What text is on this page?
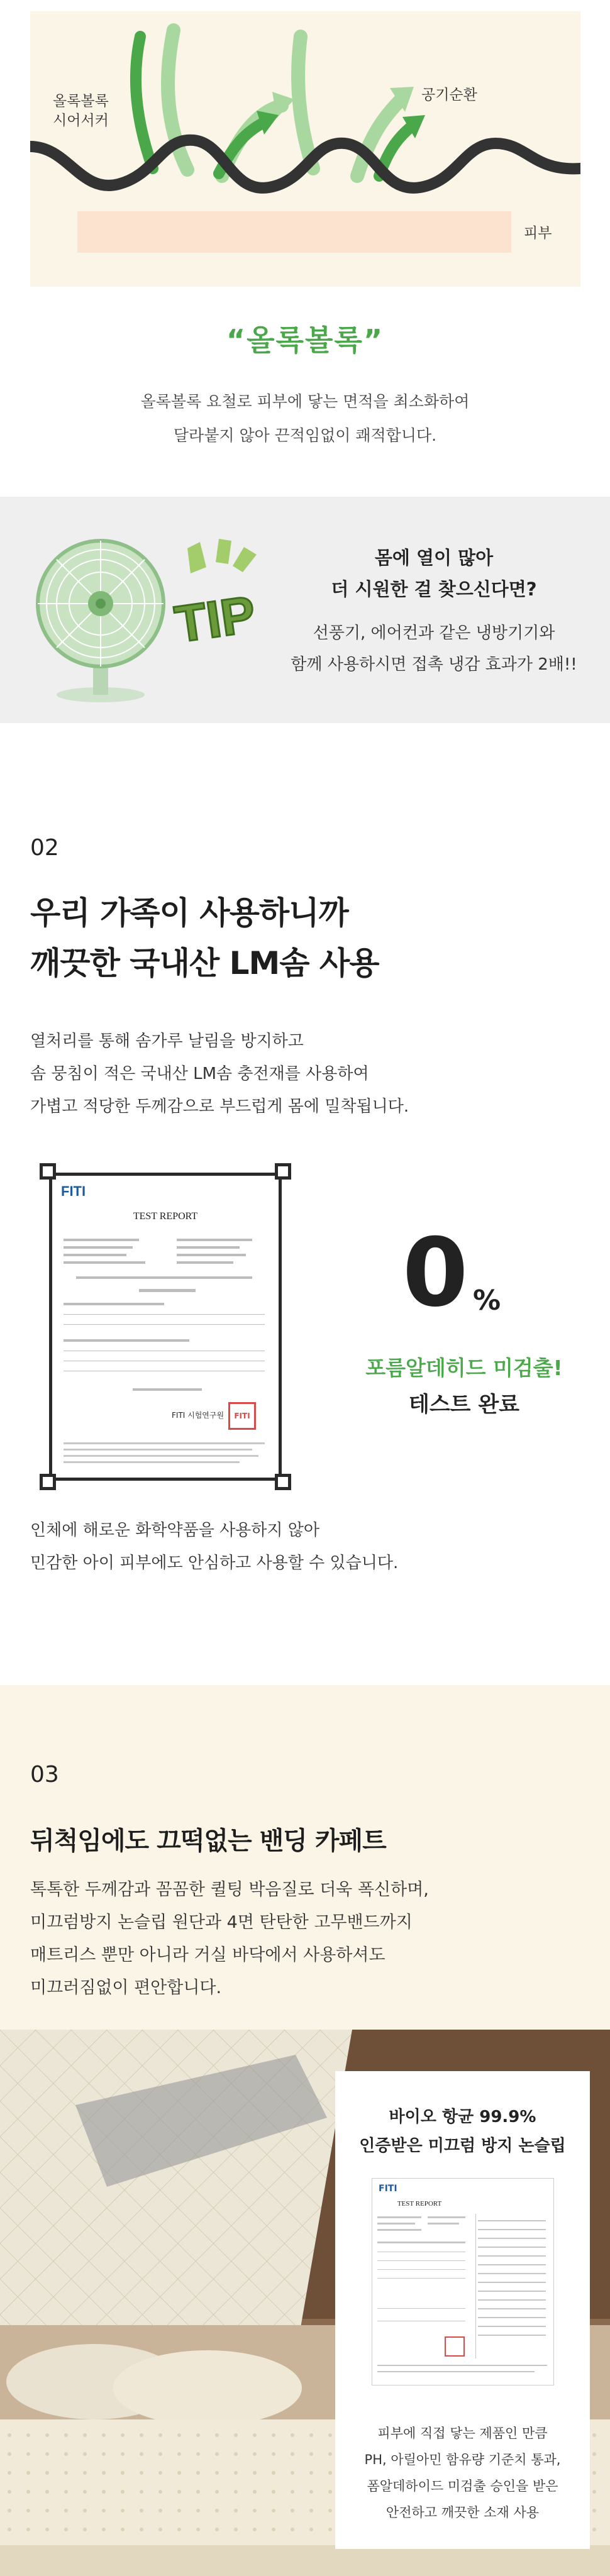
올록볼록
시어서커
공기순환
피부
“올록볼록”
올록볼록 요철로 피부에 닿는 면적을 최소화하여
달라붙지 않아 끈적임없이 쾌적합니다.
TIP
몸에 열이 많아
더 시원한 걸 찾으신다면?
선풍기, 에어컨과 같은 냉방기기와
함께 사용하시면 접촉 냉감 효과가 2배!!
02
우리 가족이 사용하니까
깨끗한 국내산 LM솜 사용
열처리를 통해 솜가루 날림을 방지하고
솜 뭉침이 적은 국내산 LM솜 충전재를 사용하여
가볍고 적당한 두께감으로 부드럽게 몸에 밀착됩니다.
FITI
TEST REPORT
FITI 시험연구원	FITI
0 %
포름알데히드 미검출!
테스트 완료
인체에 해로운 화학약품을 사용하지 않아
민감한 아이 피부에도 안심하고 사용할 수 있습니다.
03
뒤척임에도 끄떡없는 밴딩 카페트
톡톡한 두께감과 꼼꼼한 퀼팅 박음질로 더욱 폭신하며,
미끄럼방지 논슬립 원단과 4면 탄탄한 고무밴드까지
매트리스 뿐만 아니라 거실 바닥에서 사용하셔도
미끄러짐없이 편안합니다.
바이오 항균 99.9%
인증받은 미끄럼 방지 논슬립
FITI
TEST REPORT
피부에 직접 닿는 제품인 만큼
PH, 아릴아민 함유량 기준치 통과,
폼알데하이드 미검출 승인을 받은
안전하고 깨끗한 소재 사용
